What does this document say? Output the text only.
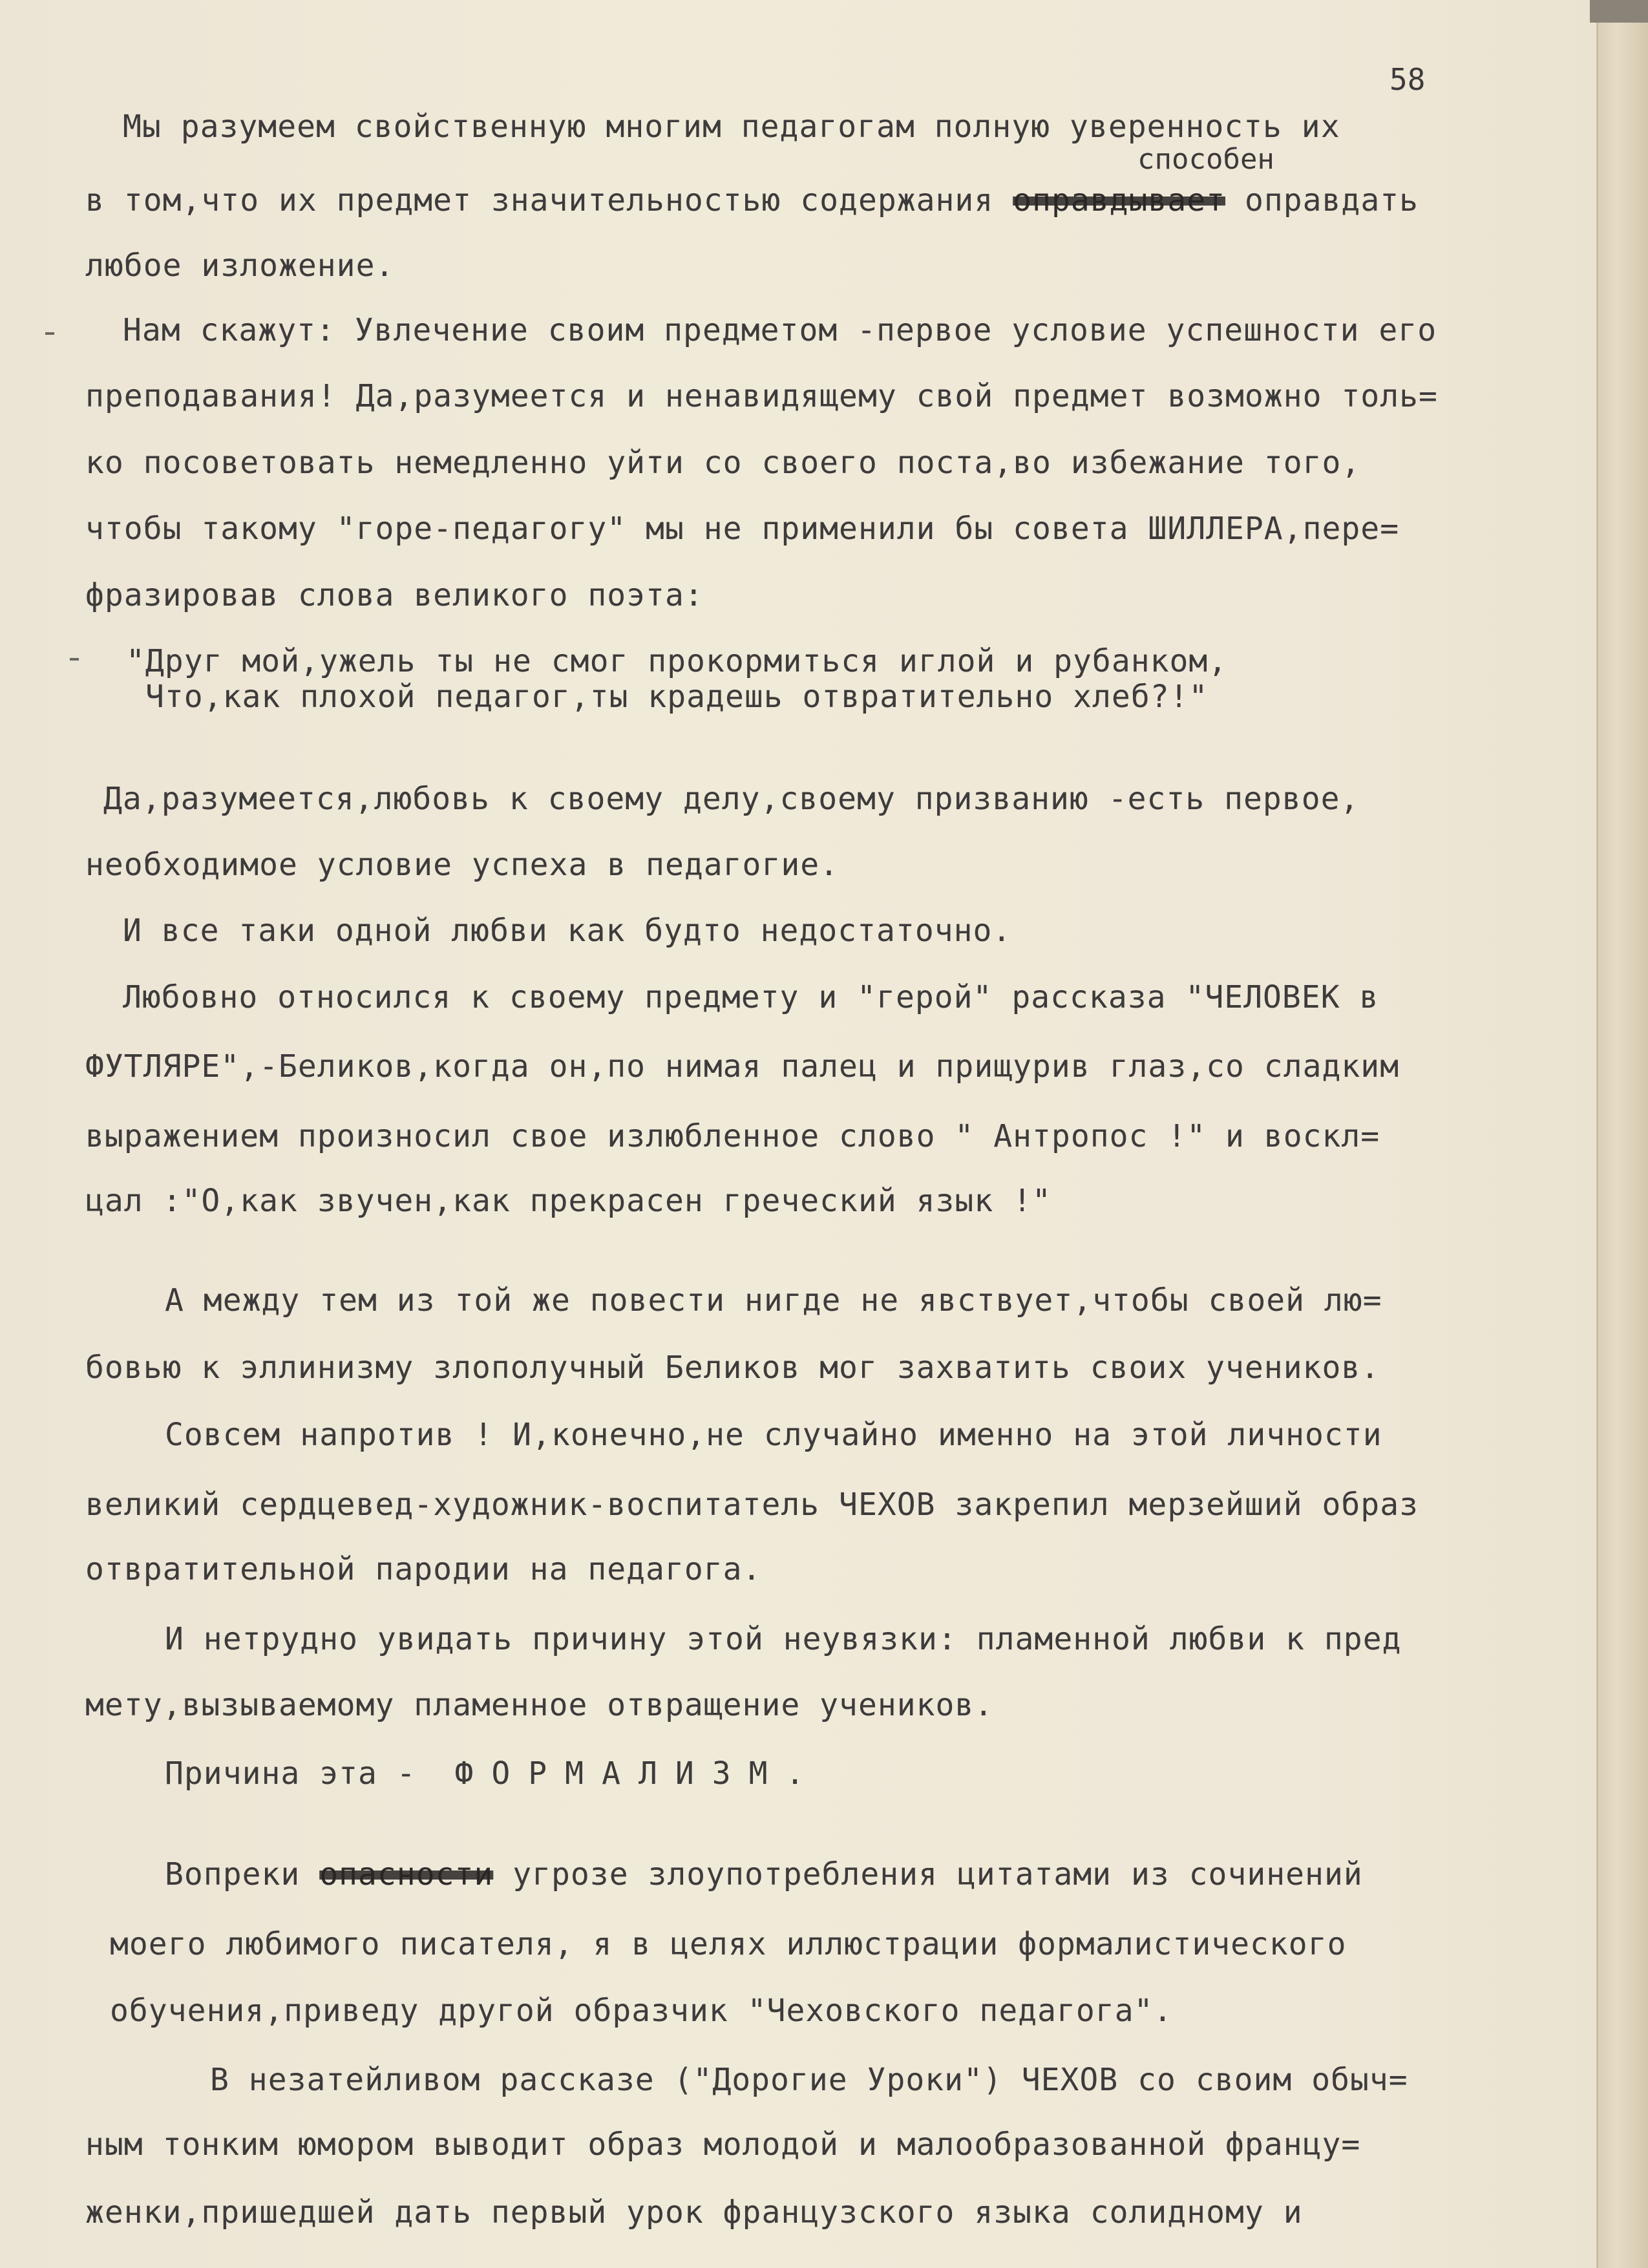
58
способен
Мы разумеем свойственную многим педагогам полную уверенность их
в том,что их предмет значительностью содержания оправдывает оправдать
любое изложение.
Нам скажут: Увлечение своим предметом -первое условие успешности его
преподавания! Да,разумеется и ненавидящему свой предмет возможно толь=
ко посоветовать немедленно уйти со своего поста,во избежание того,
чтобы такому "горе-педагогу" мы не применили бы совета ШИЛЛЕРА,пере=
фразировав слова великого поэта:
"Друг мой,ужель ты не смог прокормиться иглой и рубанком,
Что,как плохой педагог,ты крадешь отвратительно хлеб?!"
Да,разумеется,любовь к своему делу,своему призванию -есть первое,
необходимое условие успеха в педагогие.
И все таки одной любви как будто недостаточно.
Любовно относился к своему предмету и "герой" рассказа "ЧЕЛОВЕК в
ФУТЛЯРЕ",-Беликов,когда он,по нимая палец и прищурив глаз,со сладким
выражением произносил свое излюбленное слово " Антропос !" и воскл=
цал :"О,как звучен,как прекрасен греческий язык !"
А между тем из той же повести нигде не явствует,чтобы своей лю=
бовью к эллинизму злополучный Беликов мог захватить своих учеников.
Совсем напротив ! И,конечно,не случайно именно на этой личности
великий сердцевед-художник-воспитатель ЧЕХОВ закрепил мерзейший образ
отвратительной пародии на педагога.
И нетрудно увидать причину этой неувязки: пламенной любви к пред
мету,вызываемому пламенное отвращение учеников.
Причина эта - ФОРМАЛИЗМ.
Вопреки опасности угрозе злоупотребления цитатами из сочинений
моего любимого писателя, я в целях иллюстрации формалистического
обучения,приведу другой образчик "Чеховского педагога".
В незатейливом рассказе ("Дорогие Уроки") ЧЕХОВ со своим обыч=
ным тонким юмором выводит образ молодой и малообразованной францу=
женки,пришедшей дать первый урок французского языка солидному и
